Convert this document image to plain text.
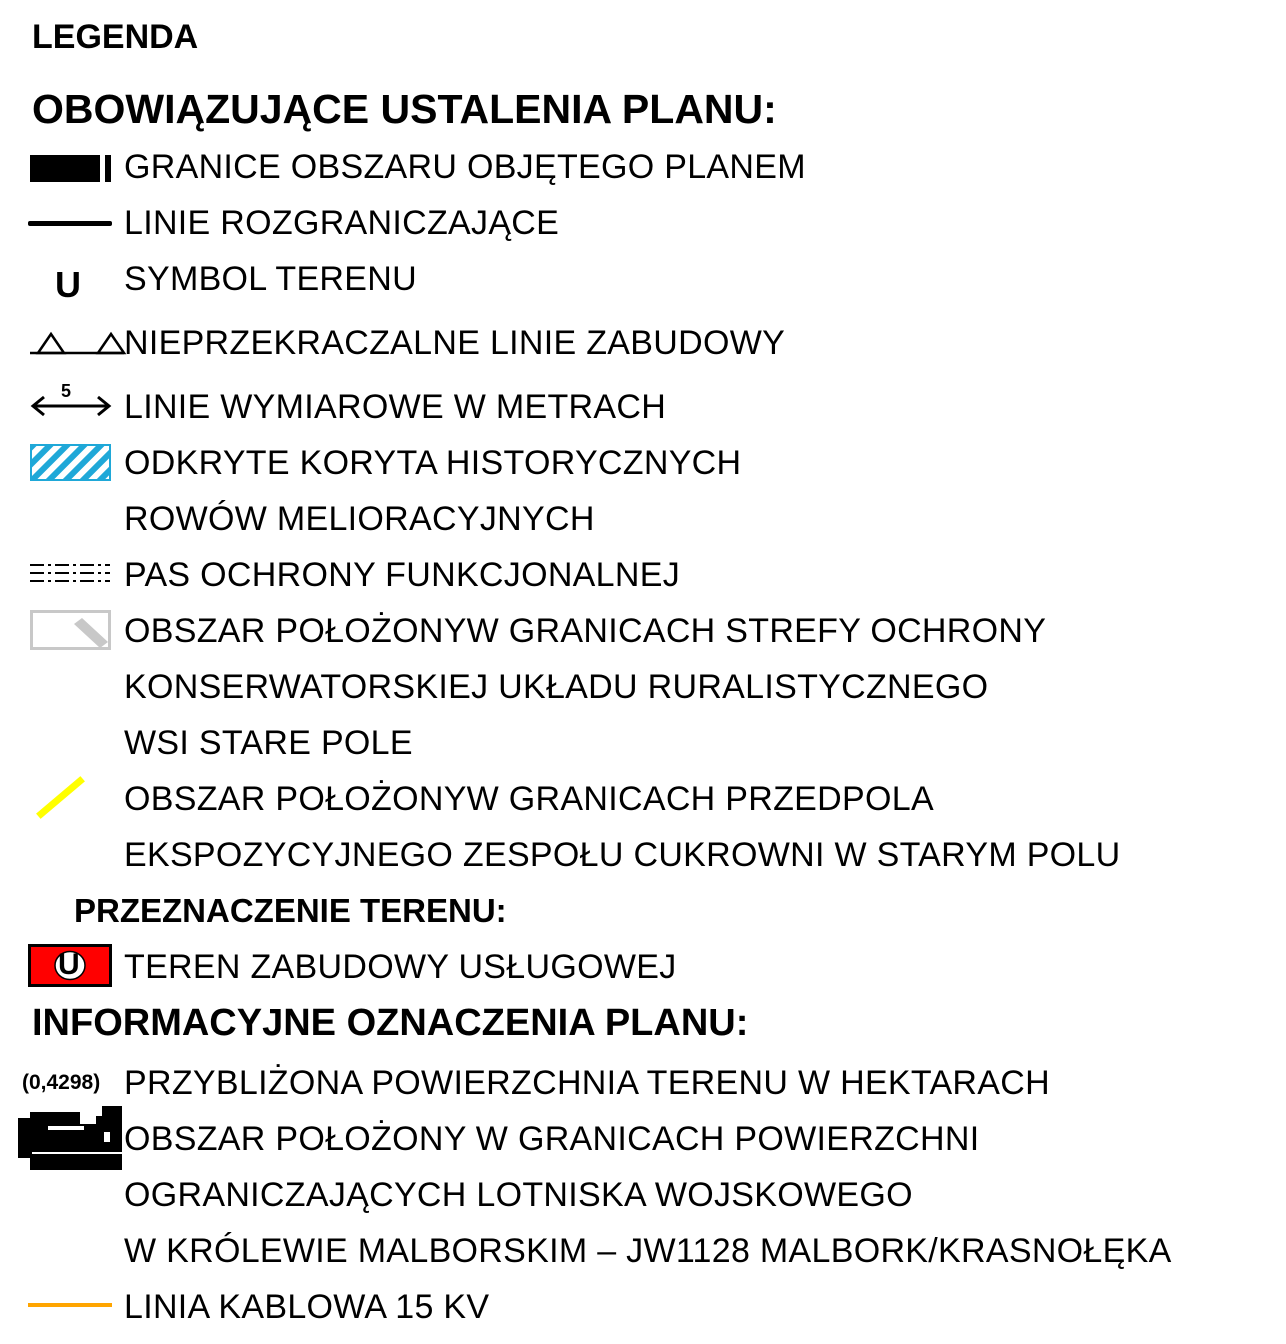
LEGENDA
OBOWIĄZUJĄCE USTALENIA PLANU:
GRANICE OBSZARU OBJĘTEGO PLANEM
LINIE ROZGRANICZAJĄCE
U SYMBOL TERENU
NIEPRZEKRACZALNE LINIE ZABUDOWY
5 LINIE WYMIAROWE W METRACH
ODKRYTE KORYTA HISTORYCZNYCH
ROWÓW MELIORACYJNYCH
PAS OCHRONY FUNKCJONALNEJ
OBSZAR POŁOŻONYW GRANICACH STREFY OCHRONY
KONSERWATORSKIEJ UKŁADU RURALISTYCZNEGO
WSI STARE POLE
OBSZAR POŁOŻONYW GRANICACH PRZEDPOLA
EKSPOZYCYJNEGO ZESPOŁU CUKROWNI W STARYM POLU
PRZEZNACZENIE TERENU:
U TEREN ZABUDOWY USŁUGOWEJ
INFORMACYJNE OZNACZENIA PLANU:
(0,4298) PRZYBLIŻONA POWIERZCHNIA TERENU W HEKTARACH
OBSZAR POŁOŻONY W GRANICACH POWIERZCHNI
OGRANICZAJĄCYCH LOTNISKA WOJSKOWEGO
W KRÓLEWIE MALBORSKIM – JW1128 MALBORK/KRASNOŁĘKA
LINIA KABLOWA 15 KV
